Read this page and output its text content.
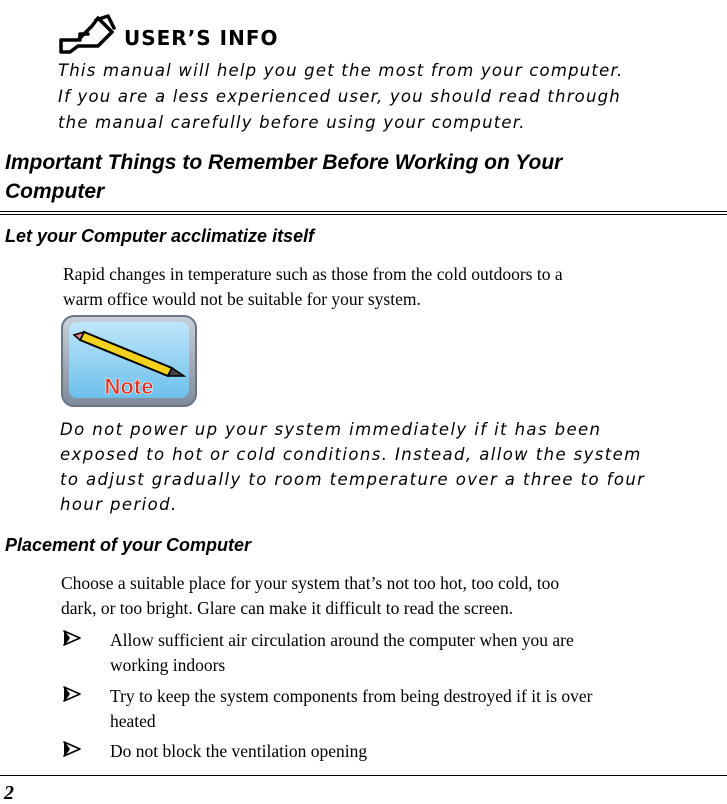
USER’S INFO

This manual will help you get the most from your computer.

If you are a less experienced user, you should read through

the manual carefully before using your computer.

Important Things to Remember Before Working on Your
Computer
Let your Computer acclimatize itself

Rapid changes in temperature such as those from the cold outdoors to a

warm office would not be suitable for your system.

Note

Do not power up your system immediately if it has been

exposed to hot or cold conditions. Instead, allow the system

to adjust gradually to room temperature over a three to four

hour period.

Placement of your Computer

Choose a suitable place for your system that’s not too hot, too cold, too

dark, or too bright. Glare can make it difficult to read the screen.

Allow sufficient air circulation around the computer when you are
working indoors
Try to keep the system components from being destroyed if it is over
heated
Do not block the ventilation opening
2
